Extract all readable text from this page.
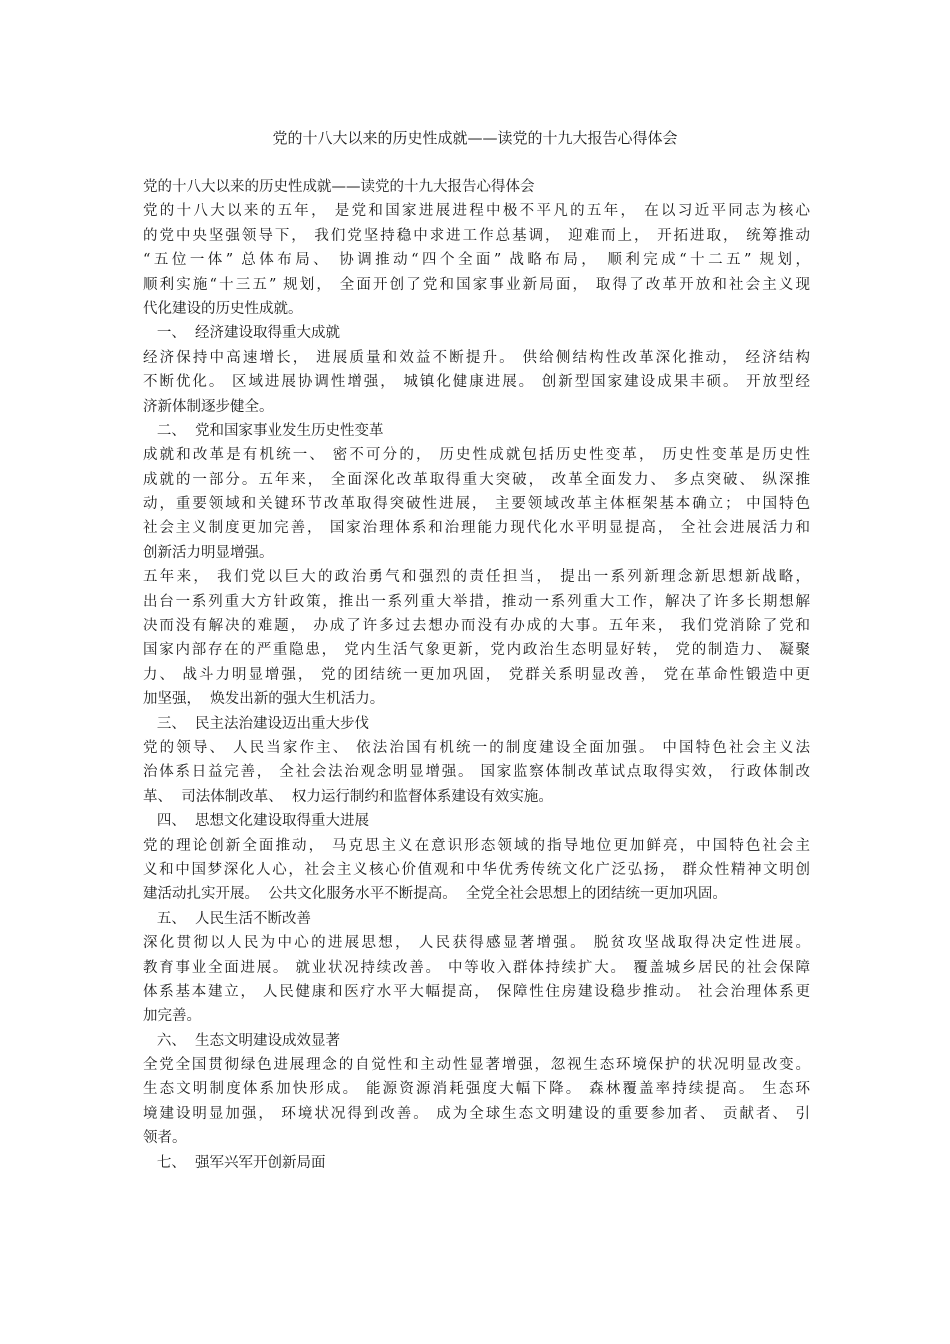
党的十八大以来的历史性成就——读党的十九大报告心得体会
党的十八大以来的历史性成就——读党的十九大报告心得体会
党的十八大以来的五年， 是党和国家进展进程中极不平凡的五年， 在以习近平同志为核心
的党中央坚强领导下， 我们党坚持稳中求进工作总基调， 迎难而上， 开拓进取， 统筹推动
“五位一体” 总体布局、 协调推动“四个全面” 战略布局， 顺利完成“十二五” 规划，
顺利实施“十三五” 规划， 全面开创了党和国家事业新局面， 取得了改革开放和社会主义现
代化建设的历史性成就。
一、  经济建设取得重大成就
经济保持中高速增长， 进展质量和效益不断提升。 供给侧结构性改革深化推动， 经济结构
不断优化。 区域进展协调性增强， 城镇化健康进展。 创新型国家建设成果丰硕。 开放型经
济新体制逐步健全。
二、  党和国家事业发生历史性变革
成就和改革是有机统一、 密不可分的， 历史性成就包括历史性变革， 历史性变革是历史性
成就的一部分。五年来， 全面深化改革取得重大突破， 改革全面发力、 多点突破、 纵深推
动，重要领域和关键环节改革取得突破性进展， 主要领域改革主体框架基本确立； 中国特色
社会主义制度更加完善， 国家治理体系和治理能力现代化水平明显提高， 全社会进展活力和
创新活力明显增强。
五年来， 我们党以巨大的政治勇气和强烈的责任担当， 提出一系列新理念新思想新战略，
出台一系列重大方针政策，推出一系列重大举措，推动一系列重大工作，解决了许多长期想解
决而没有解决的难题， 办成了许多过去想办而没有办成的大事。五年来， 我们党消除了党和
国家内部存在的严重隐患， 党内生活气象更新，党内政治生态明显好转， 党的制造力、 凝聚
力、 战斗力明显增强， 党的团结统一更加巩固， 党群关系明显改善， 党在革命性锻造中更
加坚强，  焕发出新的强大生机活力。
三、  民主法治建设迈出重大步伐
党的领导、 人民当家作主、 依法治国有机统一的制度建设全面加强。 中国特色社会主义法
治体系日益完善， 全社会法治观念明显增强。 国家监察体制改革试点取得实效， 行政体制改
革、  司法体制改革、  权力运行制约和监督体系建设有效实施。
四、  思想文化建设取得重大进展
党的理论创新全面推动， 马克思主义在意识形态领域的指导地位更加鲜亮，中国特色社会主
义和中国梦深化人心，社会主义核心价值观和中华优秀传统文化广泛弘扬， 群众性精神文明创
建活动扎实开展。  公共文化服务水平不断提高。  全党全社会思想上的团结统一更加巩固。
五、  人民生活不断改善
深化贯彻以人民为中心的进展思想， 人民获得感显著增强。 脱贫攻坚战取得决定性进展。
教育事业全面进展。 就业状况持续改善。 中等收入群体持续扩大。 覆盖城乡居民的社会保障
体系基本建立， 人民健康和医疗水平大幅提高， 保障性住房建设稳步推动。 社会治理体系更
加完善。
六、  生态文明建设成效显著
全党全国贯彻绿色进展理念的自觉性和主动性显著增强，忽视生态环境保护的状况明显改变。
生态文明制度体系加快形成。 能源资源消耗强度大幅下降。 森林覆盖率持续提高。 生态环
境建设明显加强， 环境状况得到改善。 成为全球生态文明建设的重要参加者、 贡献者、 引
领者。
七、  强军兴军开创新局面
